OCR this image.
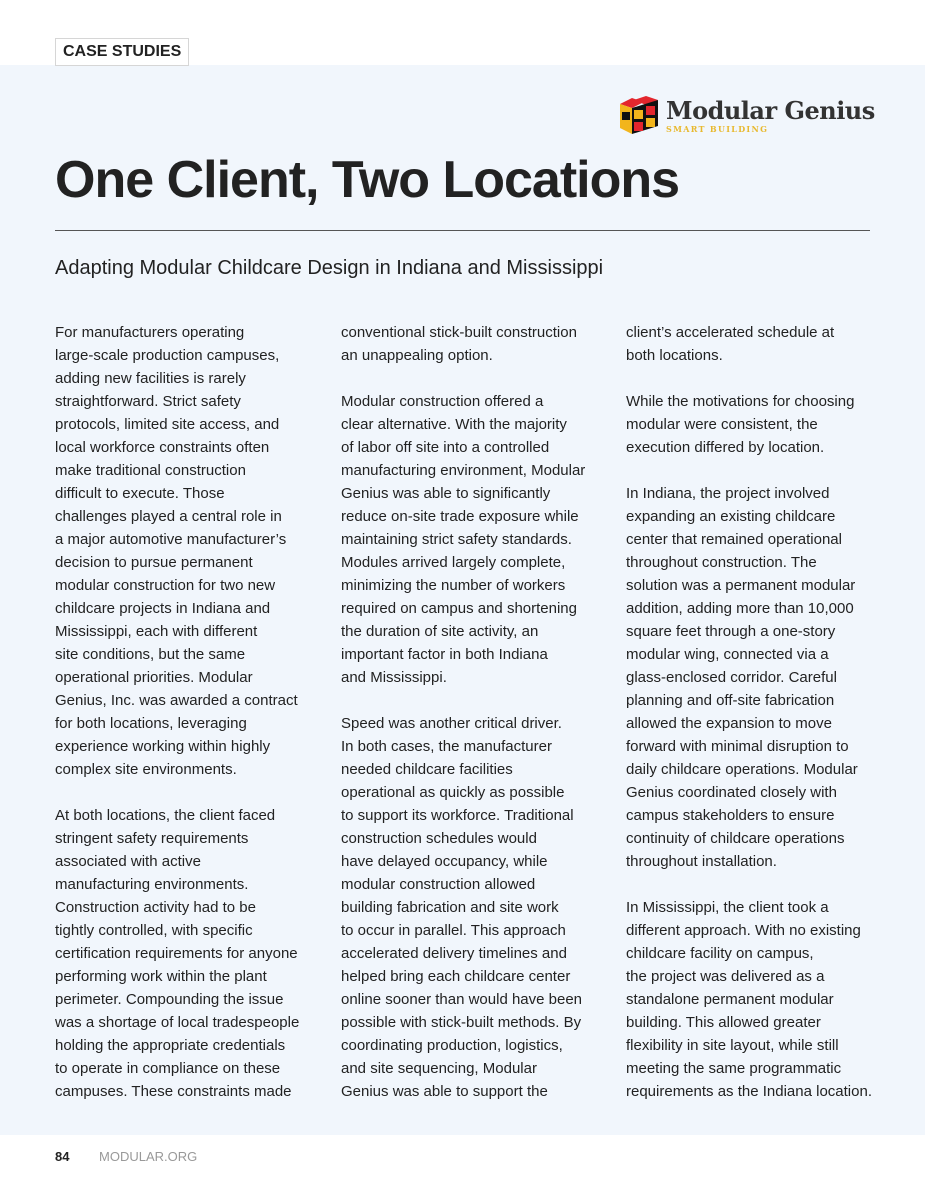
CASE STUDIES
Modular Genius
SMART BUILDING
One Client, Two Locations
Adapting Modular Childcare Design in Indiana and Mississippi
For manufacturers operating
large-scale production campuses,
adding new facilities is rarely
straightforward. Strict safety
protocols, limited site access, and
local workforce constraints often
make traditional construction
difficult to execute. Those
challenges played a central role in
a major automotive manufacturer’s
decision to pursue permanent
modular construction for two new
childcare projects in Indiana and
Mississippi, each with different
site conditions, but the same
operational priorities. Modular
Genius, Inc. was awarded a contract
for both locations, leveraging
experience working within highly
complex site environments.
At both locations, the client faced
stringent safety requirements
associated with active
manufacturing environments.
Construction activity had to be
tightly controlled, with specific
certification requirements for anyone
performing work within the plant
perimeter. Compounding the issue
was a shortage of local tradespeople
holding the appropriate credentials
to operate in compliance on these
campuses. These constraints made
conventional stick-built construction
an unappealing option.
Modular construction offered a
clear alternative. With the majority
of labor off site into a controlled
manufacturing environment, Modular
Genius was able to significantly
reduce on-site trade exposure while
maintaining strict safety standards.
Modules arrived largely complete,
minimizing the number of workers
required on campus and shortening
the duration of site activity, an
important factor in both Indiana
and Mississippi.
Speed was another critical driver.
In both cases, the manufacturer
needed childcare facilities
operational as quickly as possible
to support its workforce. Traditional
construction schedules would
have delayed occupancy, while
modular construction allowed
building fabrication and site work
to occur in parallel. This approach
accelerated delivery timelines and
helped bring each childcare center
online sooner than would have been
possible with stick-built methods. By
coordinating production, logistics,
and site sequencing, Modular
Genius was able to support the
client’s accelerated schedule at
both locations.
While the motivations for choosing
modular were consistent, the
execution differed by location.
In Indiana, the project involved
expanding an existing childcare
center that remained operational
throughout construction. The
solution was a permanent modular
addition, adding more than 10,000
square feet through a one-story
modular wing, connected via a
glass-enclosed corridor. Careful
planning and off-site fabrication
allowed the expansion to move
forward with minimal disruption to
daily childcare operations. Modular
Genius coordinated closely with
campus stakeholders to ensure
continuity of childcare operations
throughout installation.
In Mississippi, the client took a
different approach. With no existing
childcare facility on campus,
the project was delivered as a
standalone permanent modular
building. This allowed greater
flexibility in site layout, while still
meeting the same programmatic
requirements as the Indiana location.
84 MODULAR.ORG
